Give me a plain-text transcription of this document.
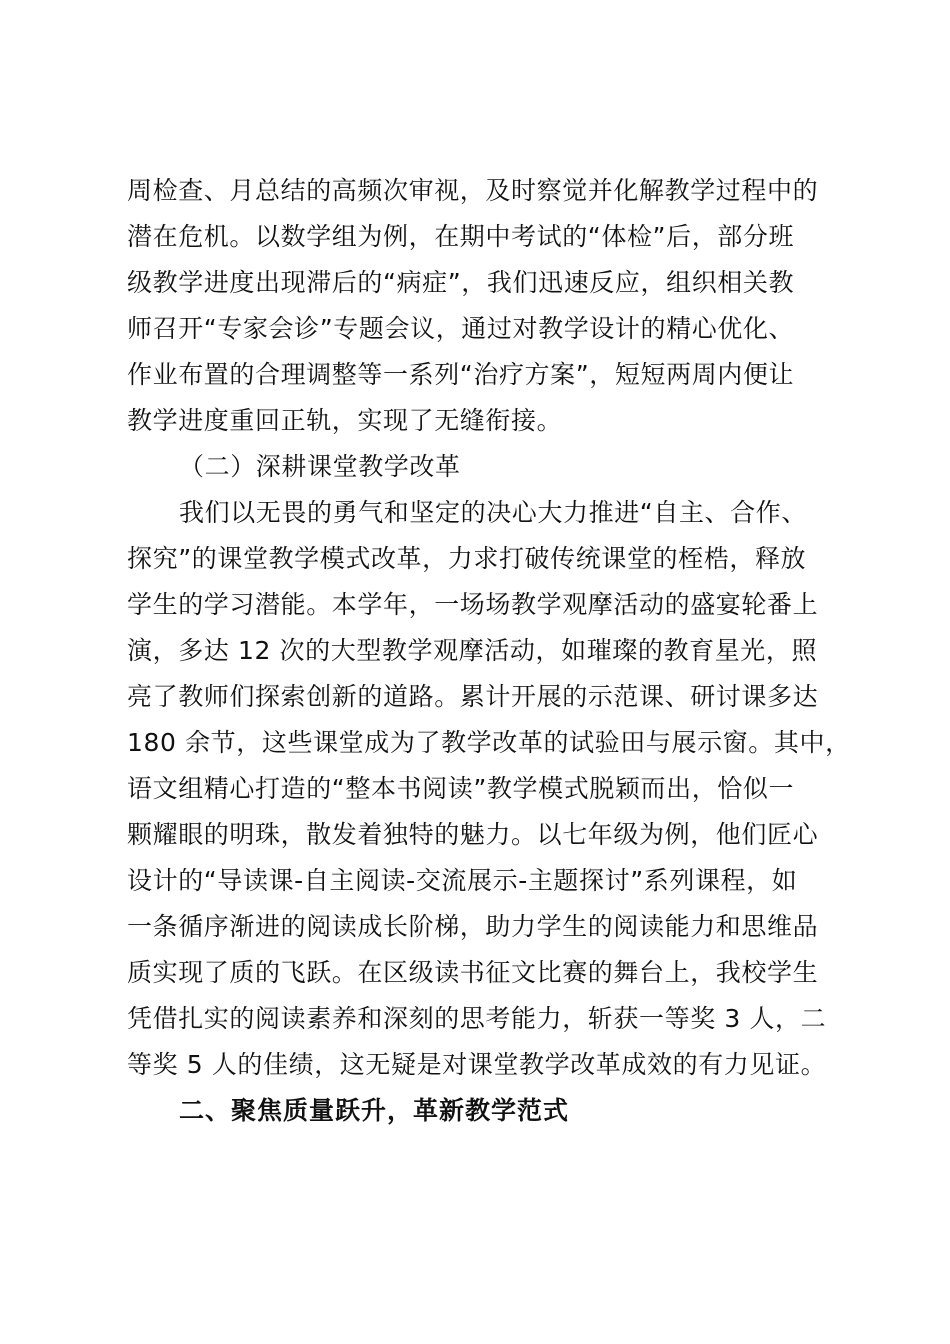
周检查、月总结的高频次审视，及时察觉并化解教学过程中的
潜在危机。以数学组为例，在期中考试的“体检”后，部分班
级教学进度出现滞后的“病症”，我们迅速反应，组织相关教
师召开“专家会诊”专题会议，通过对教学设计的精心优化、
作业布置的合理调整等一系列“治疗方案”，短短两周内便让
教学进度重回正轨，实现了无缝衔接。
（二）深耕课堂教学改革
我们以无畏的勇气和坚定的决心大力推进“自主、合作、
探究”的课堂教学模式改革，力求打破传统课堂的桎梏，释放
学生的学习潜能。本学年，一场场教学观摩活动的盛宴轮番上
演，多达 12 次的大型教学观摩活动，如璀璨的教育星光，照
亮了教师们探索创新的道路。累计开展的示范课、研讨课多达
180 余节，这些课堂成为了教学改革的试验田与展示窗。其中，
语文组精心打造的“整本书阅读”教学模式脱颖而出，恰似一
颗耀眼的明珠，散发着独特的魅力。以七年级为例，他们匠心
设计的“导读课-自主阅读-交流展示-主题探讨”系列课程，如
一条循序渐进的阅读成长阶梯，助力学生的阅读能力和思维品
质实现了质的飞跃。在区级读书征文比赛的舞台上，我校学生
凭借扎实的阅读素养和深刻的思考能力，斩获一等奖 3 人，二
等奖 5 人的佳绩，这无疑是对课堂教学改革成效的有力见证。
二、聚焦质量跃升，革新教学范式
